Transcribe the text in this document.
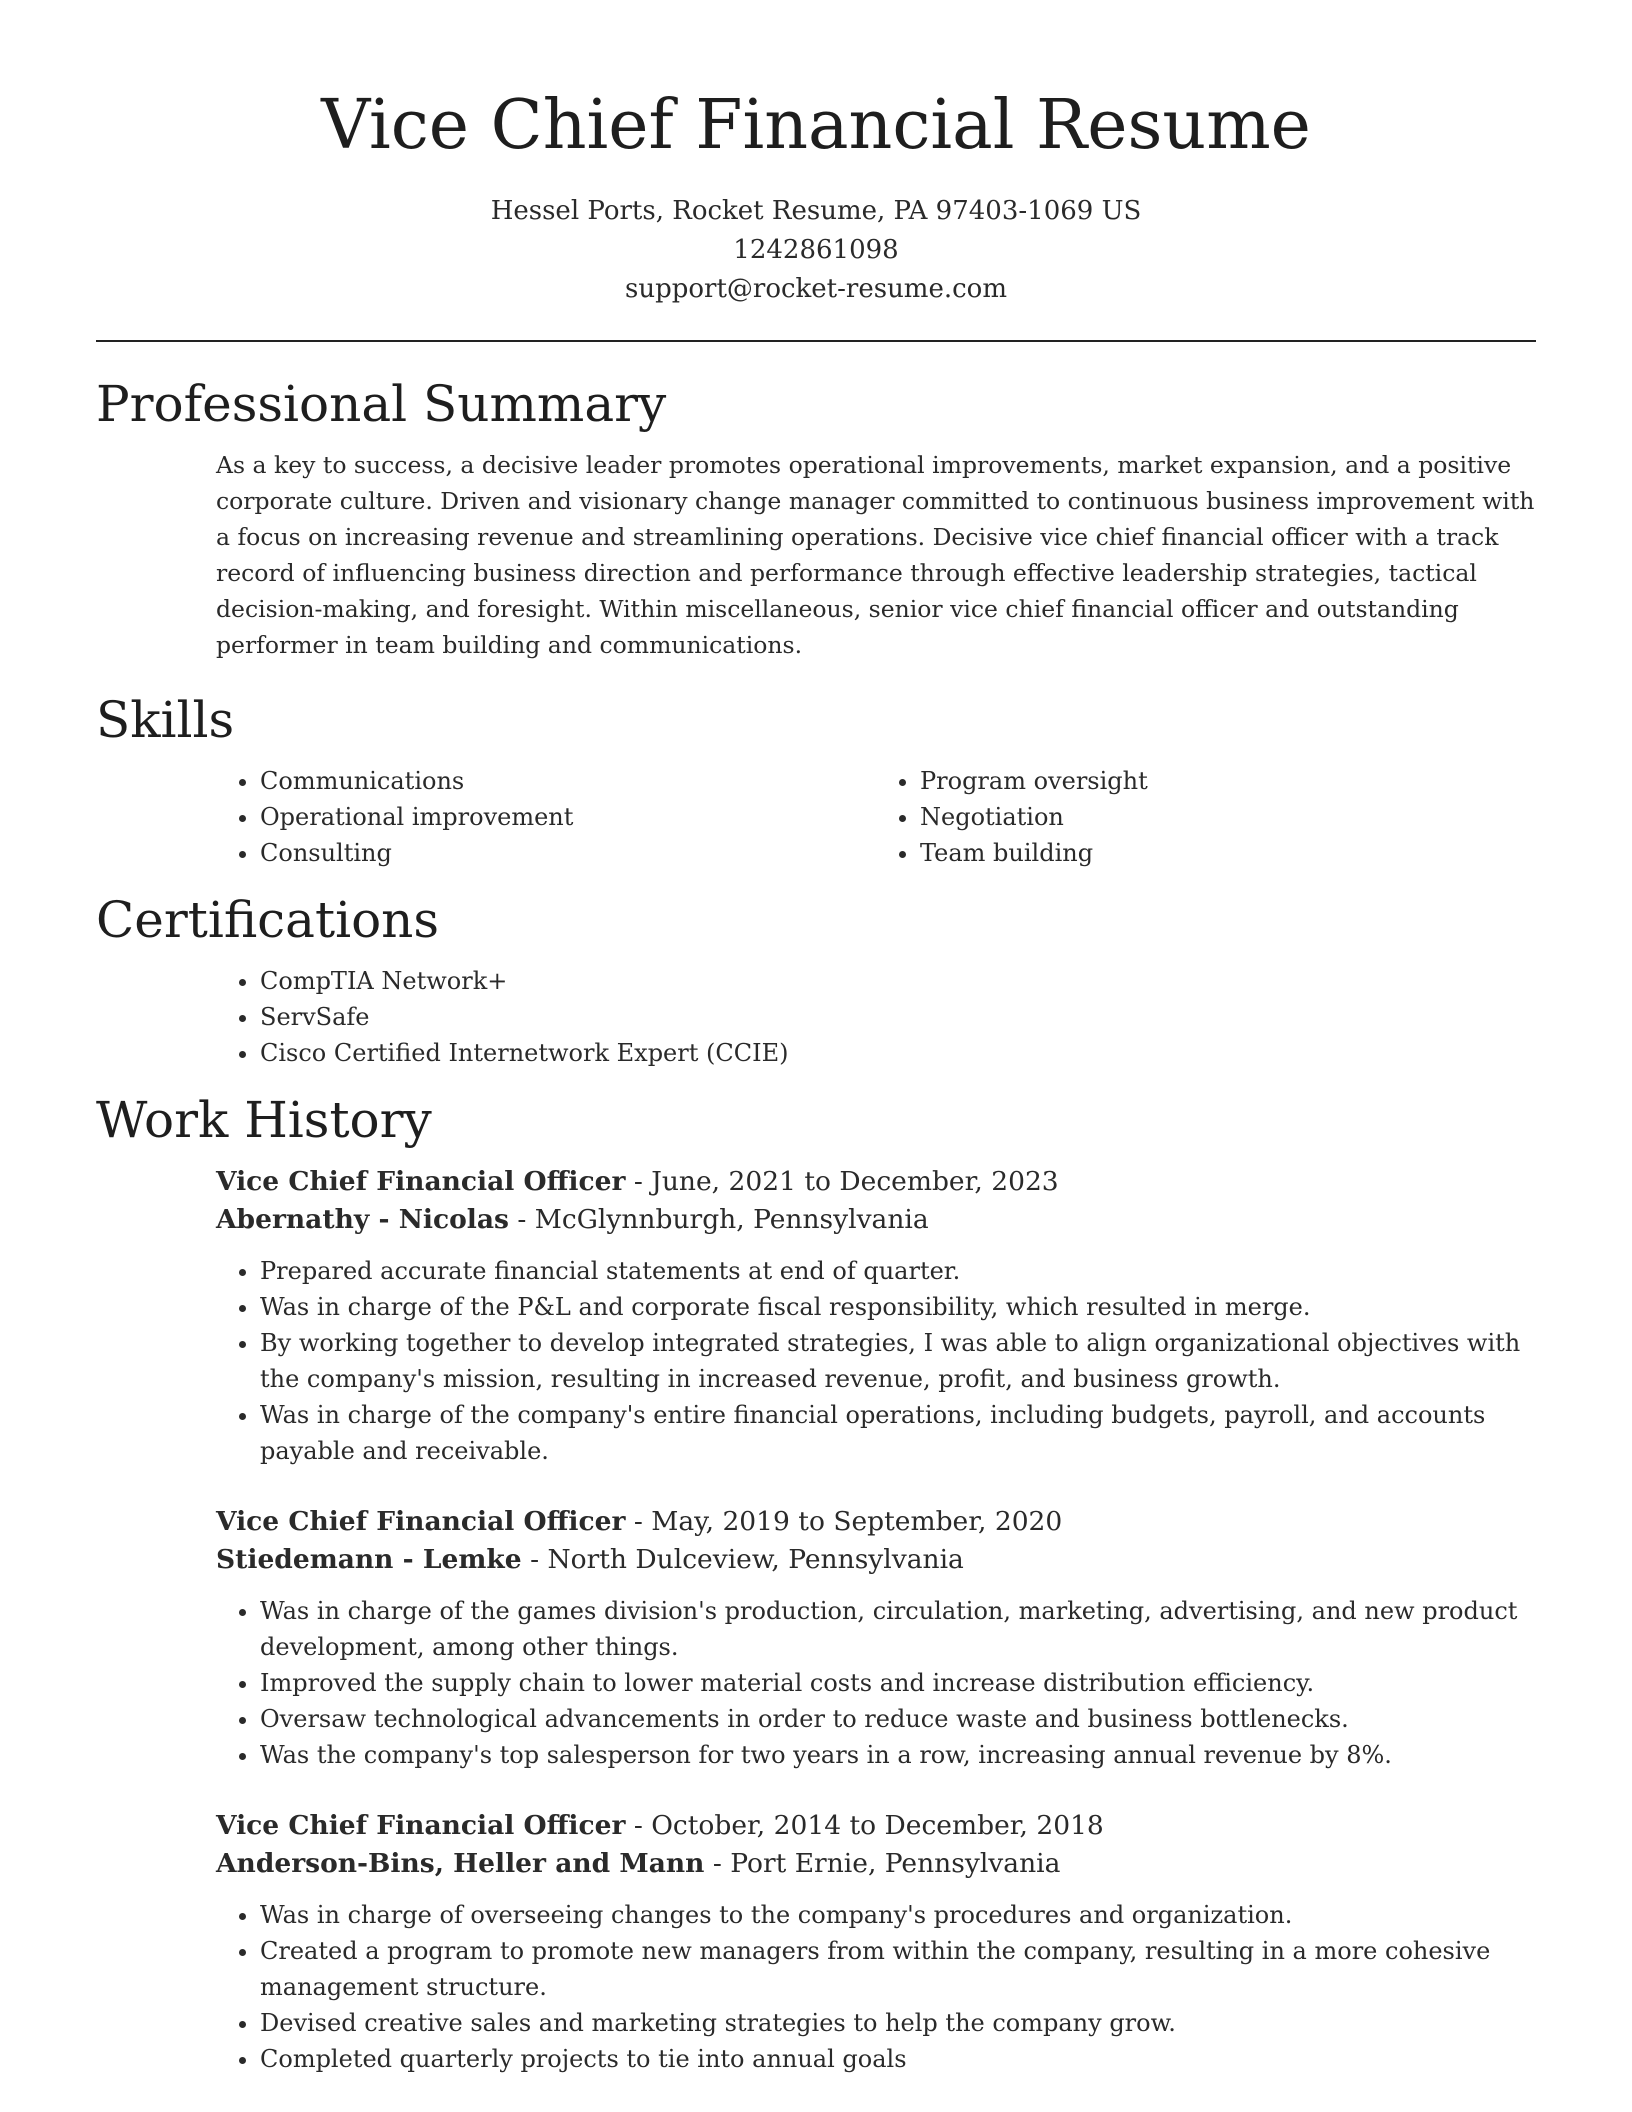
Vice Chief Financial Resume
Hessel Ports, Rocket Resume, PA 97403-1069 US
1242861098
support@rocket-resume.com
Professional Summary

As a key to success, a decisive leader promotes operational improvements, market expansion, and a positive corporate culture. Driven and visionary change manager committed to continuous business improvement with a focus on increasing revenue and streamlining operations. Decisive vice chief financial officer with a track record of influencing business direction and performance through effective leadership strategies, tactical decision-making, and foresight. Within miscellaneous, senior vice chief financial officer and outstanding performer in team building and communications.

Skills
• Communications
• Operational improvement
• Consulting
• Program oversight
• Negotiation
• Team building
Certifications
• CompTIA Network+
• ServSafe
• Cisco Certified Internetwork Expert (CCIE)
Work History
Vice Chief Financial Officer - June, 2021 to December, 2023
Abernathy - Nicolas - McGlynnburgh, Pennsylvania
• Prepared accurate financial statements at end of quarter.
• Was in charge of the P&L and corporate fiscal responsibility, which resulted in merge.
• By working together to develop integrated strategies, I was able to align organizational objectives with the company's mission, resulting in increased revenue, profit, and business growth.
• Was in charge of the company's entire financial operations, including budgets, payroll, and accounts payable and receivable.
Vice Chief Financial Officer - May, 2019 to September, 2020
Stiedemann - Lemke - North Dulceview, Pennsylvania
• Was in charge of the games division's production, circulation, marketing, advertising, and new product development, among other things.
• Improved the supply chain to lower material costs and increase distribution efficiency.
• Oversaw technological advancements in order to reduce waste and business bottlenecks.
• Was the company's top salesperson for two years in a row, increasing annual revenue by 8%.
Vice Chief Financial Officer - October, 2014 to December, 2018
Anderson-Bins, Heller and Mann - Port Ernie, Pennsylvania
• Was in charge of overseeing changes to the company's procedures and organization.
• Created a program to promote new managers from within the company, resulting in a more cohesive management structure.
• Devised creative sales and marketing strategies to help the company grow.
• Completed quarterly projects to tie into annual goals
